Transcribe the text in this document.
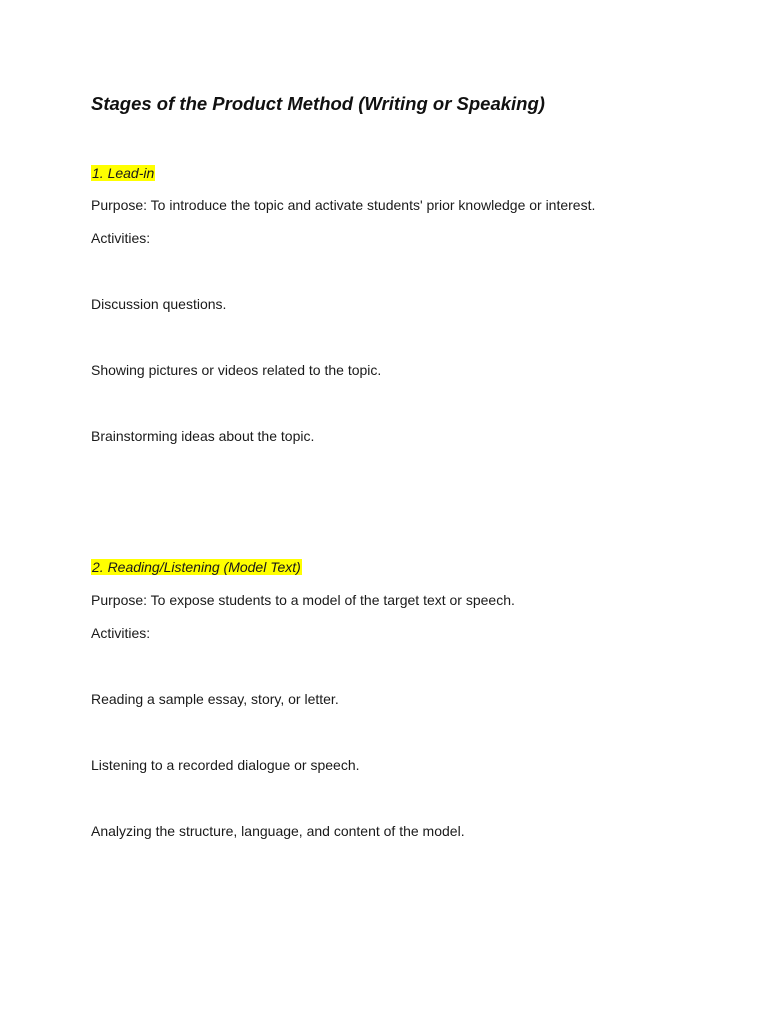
Stages of the Product Method (Writing or Speaking)

1. Lead-in

Purpose: To introduce the topic and activate students' prior knowledge or interest.

Activities:

Discussion questions.

Showing pictures or videos related to the topic.

Brainstorming ideas about the topic.

2. Reading/Listening (Model Text)

Purpose: To expose students to a model of the target text or speech.

Activities:

Reading a sample essay, story, or letter.

Listening to a recorded dialogue or speech.

Analyzing the structure, language, and content of the model.
